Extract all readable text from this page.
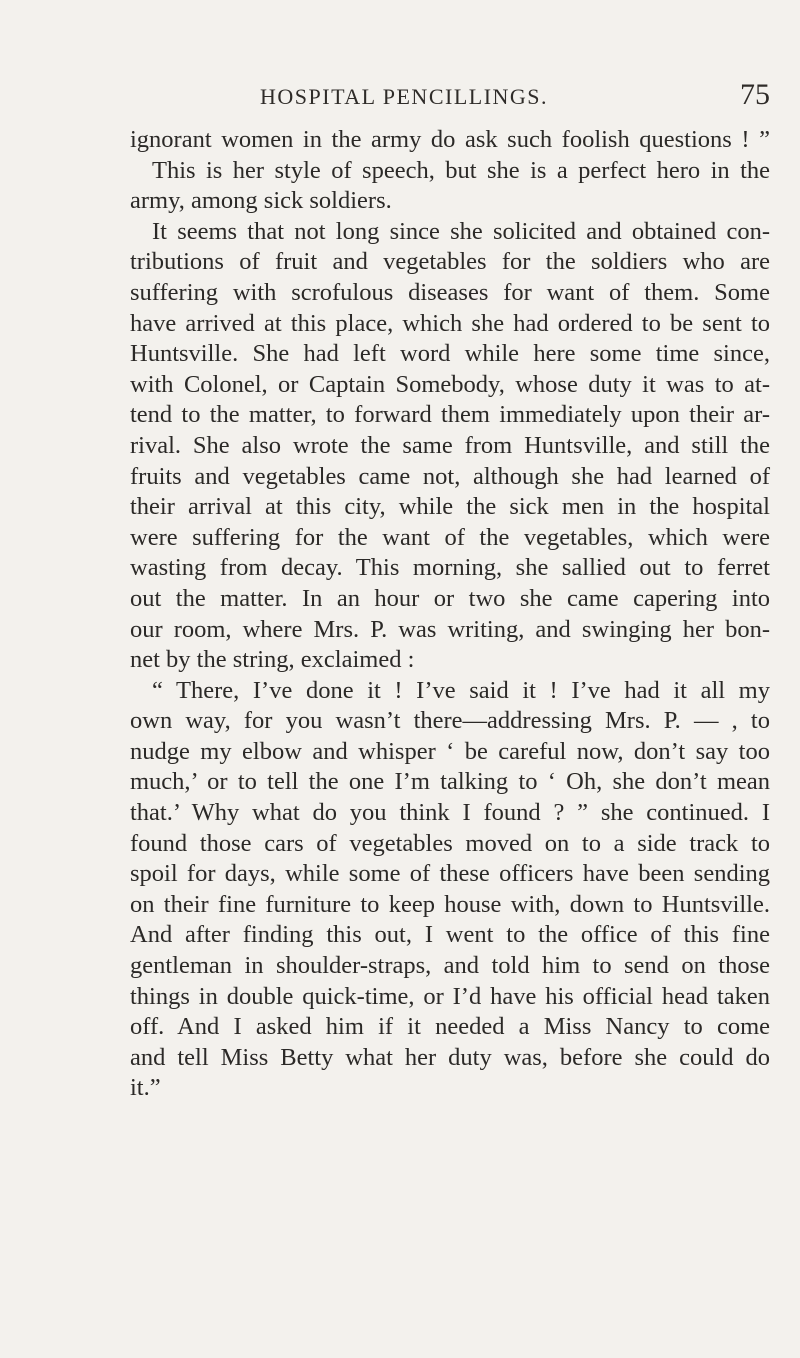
HOSPITAL PENCILLINGS.	75
ignorant women in the army do ask such foolish questions ! ”
This is her style of speech, but she is a perfect hero in the
army, among sick soldiers.
It seems that not long since she solicited and obtained con-
tributions of fruit and vegetables for the soldiers who are
suffering with scrofulous diseases for want of them. Some
have arrived at this place, which she had ordered to be sent to
Huntsville. She had left word while here some time since,
with Colonel, or Captain Somebody, whose duty it was to at-
tend to the matter, to forward them immediately upon their ar-
rival. She also wrote the same from Huntsville, and still the
fruits and vegetables came not, although she had learned of
their arrival at this city, while the sick men in the hospital
were suffering for the want of the vegetables, which were
wasting from decay. This morning, she sallied out to ferret
out the matter. In an hour or two she came capering into
our room, where Mrs. P. was writing, and swinging her bon-
net by the string, exclaimed :
“ There, I’ve done it ! I’ve said it ! I’ve had it all my
own way, for you wasn’t there—addressing Mrs. P. — , to
nudge my elbow and whisper ‘ be careful now, don’t say too
much,’ or to tell the one I’m talking to ‘ Oh, she don’t mean
that.’ Why what do you think I found ? ” she continued. I
found those cars of vegetables moved on to a side track to
spoil for days, while some of these officers have been sending
on their fine furniture to keep house with, down to Huntsville.
And after finding this out, I went to the office of this fine
gentleman in shoulder-straps, and told him to send on those
things in double quick-time, or I’d have his official head taken
off. And I asked him if it needed a Miss Nancy to come
and tell Miss Betty what her duty was, before she could do
it.”
